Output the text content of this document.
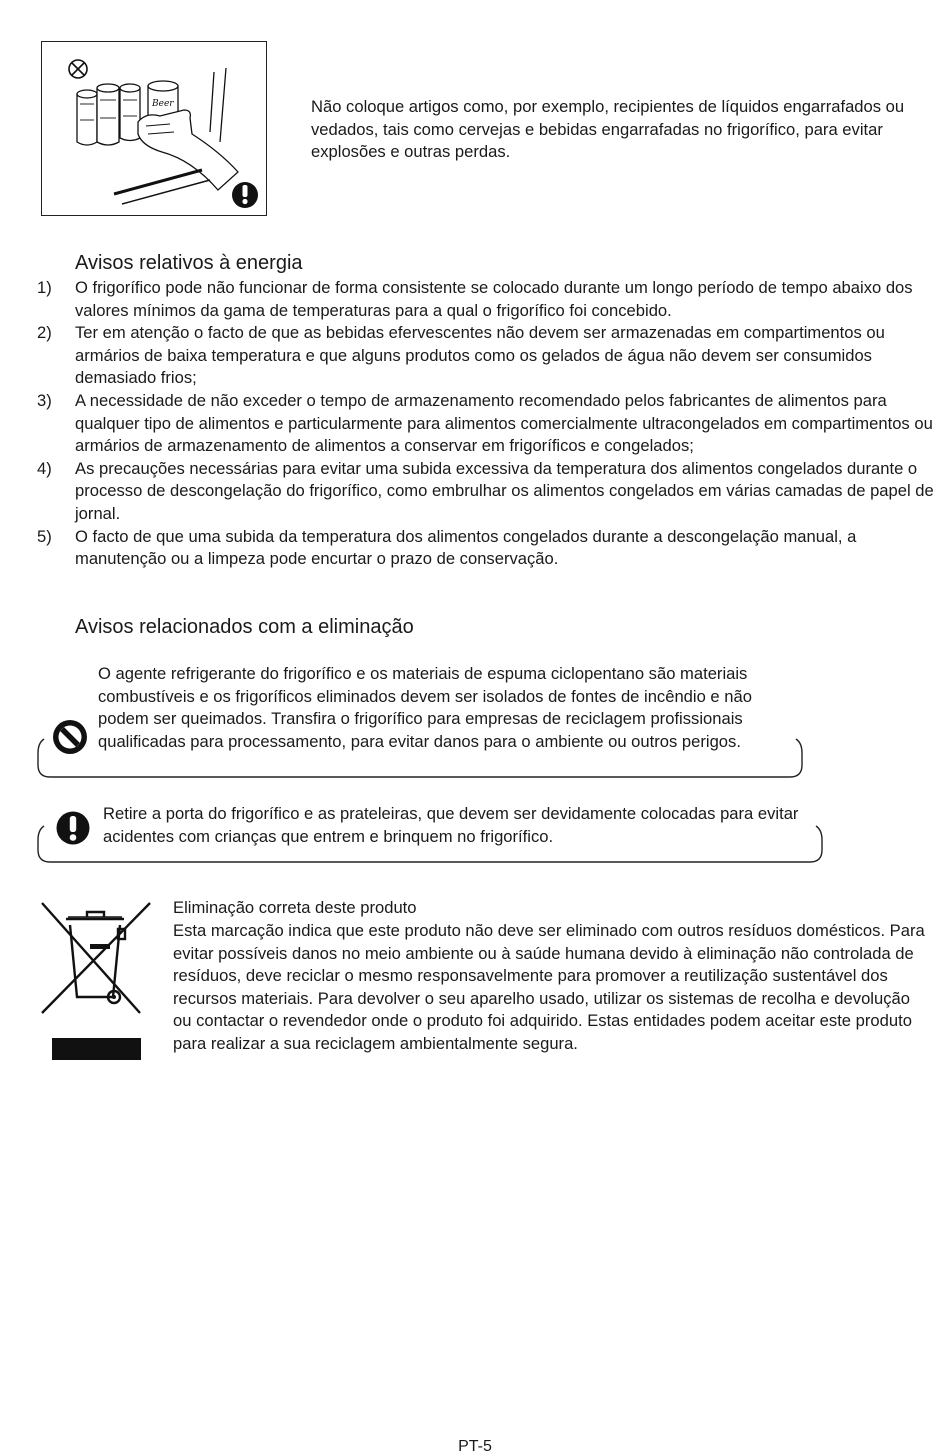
Beer	Não coloque artigos como, por exemplo, recipientes de líquidos engarrafados ou vedados, tais como cervejas e bebidas engarrafadas no frigorífico, para evitar explosões e outras perdas.
Avisos relativos à energia
1) O frigorífico pode não funcionar de forma consistente se colocado durante um longo período de tempo abaixo dos valores mínimos da gama de temperaturas para a qual o frigorífico foi concebido.
2) Ter em atenção o facto de que as bebidas efervescentes não devem ser armazenadas em compartimentos ou armários de baixa temperatura e que alguns produtos como os gelados de água não devem ser consumidos demasiado frios;
3) A necessidade de não exceder o tempo de armazenamento recomendado pelos fabricantes de alimentos para qualquer tipo de alimentos e particularmente para alimentos comercialmente ultracongelados em compartimentos ou armários de armazenamento de alimentos a conservar em frigoríficos e congelados;
4) As precauções necessárias para evitar uma subida excessiva da temperatura dos alimentos congelados durante o processo de descongelação do frigorífico, como embrulhar os alimentos congelados em várias camadas de papel de jornal.
5) O facto de que uma subida da temperatura dos alimentos congelados durante a descongelação manual, a manutenção ou a limpeza pode encurtar o prazo de conservação.
Avisos relacionados com a eliminação
O agente refrigerante do frigorífico e os materiais de espuma ciclopentano são materiais combustíveis e os frigoríficos eliminados devem ser isolados de fontes de incêndio e não podem ser queimados. Transfira o frigorífico para empresas de reciclagem profissionais qualificadas para processamento, para evitar danos para o ambiente ou outros perigos.
Retire a porta do frigorífico e as prateleiras, que devem ser devidamente colocadas para evitar acidentes com crianças que entrem e brinquem no frigorífico.
Eliminação correta deste produto
Esta marcação indica que este produto não deve ser eliminado com outros resíduos domésticos. Para evitar possíveis danos no meio ambiente ou à saúde humana devido à eliminação não controlada de resíduos, deve reciclar o mesmo responsavelmente para promover a reutilização sustentável dos recursos materiais. Para devolver o seu aparelho usado, utilizar os sistemas de recolha e devolução ou contactar o revendedor onde o produto foi adquirido. Estas entidades podem aceitar este produto para realizar a sua reciclagem ambientalmente segura.
PT-5
